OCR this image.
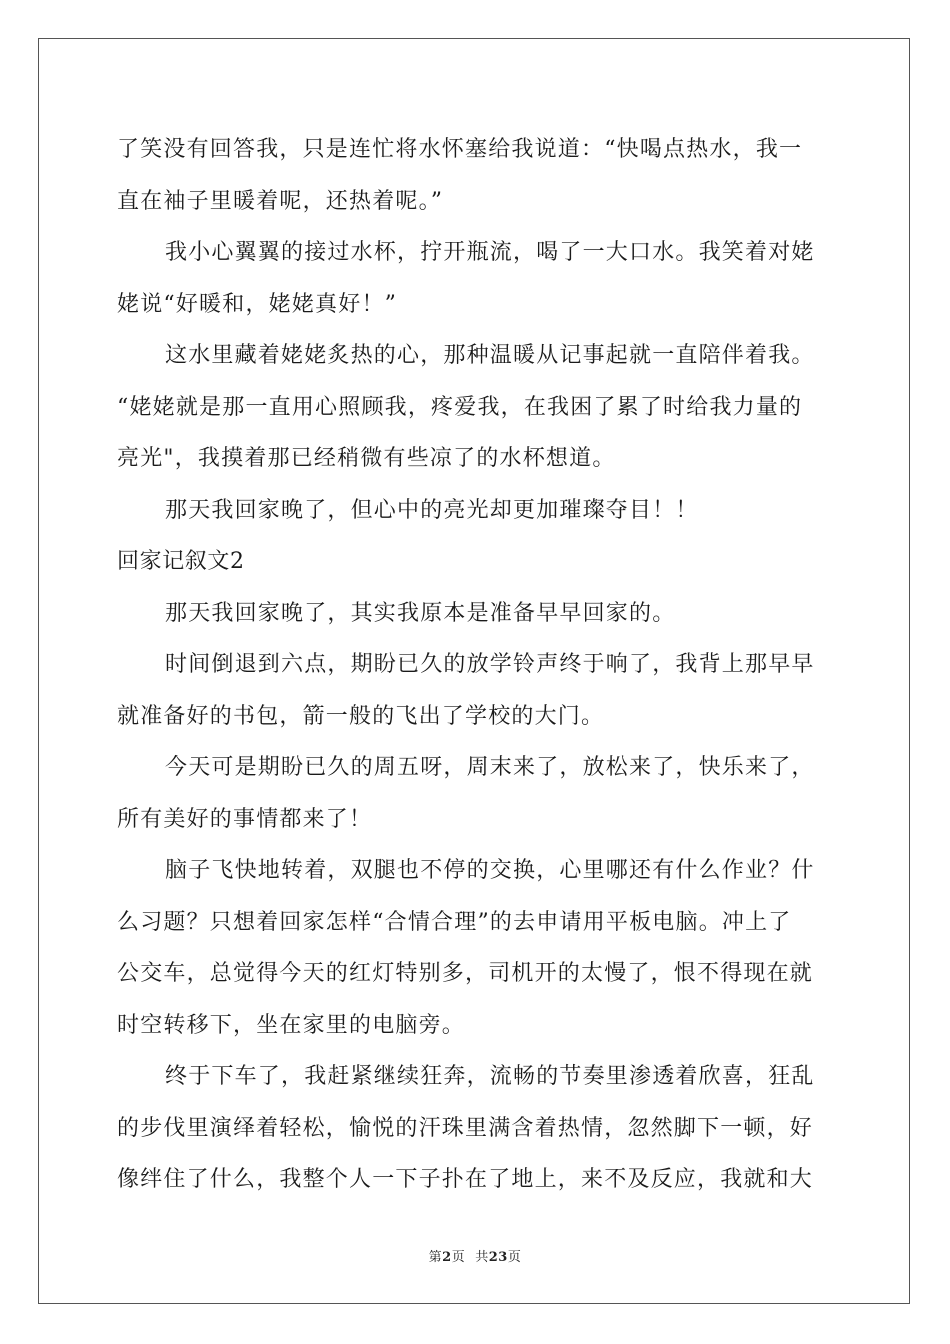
了笑没有回答我，只是连忙将水怀塞给我说道：“快喝点热水，我一
直在袖子里暖着呢，还热着呢。”
我小心翼翼的接过水杯，拧开瓶流，喝了一大口水。我笑着对姥
姥说“好暖和，姥姥真好！”
这水里藏着姥姥炙热的心，那种温暖从记事起就一直陪伴着我。
“姥姥就是那一直用心照顾我，疼爱我，在我困了累了时给我力量的
亮光"，我摸着那已经稍微有些凉了的水杯想道。
那天我回家晚了，但心中的亮光却更加璀璨夺目！！
回家记叙文2
那天我回家晚了，其实我原本是准备早早回家的。
时间倒退到六点，期盼已久的放学铃声终于响了，我背上那早早
就准备好的书包，箭一般的飞出了学校的大门。
今天可是期盼已久的周五呀，周末来了，放松来了，快乐来了，
所有美好的事情都来了！
脑子飞快地转着，双腿也不停的交换，心里哪还有什么作业？什
么习题？只想着回家怎样“合情合理”的去申请用平板电脑。冲上了
公交车，总觉得今天的红灯特别多，司机开的太慢了，恨不得现在就
时空转移下，坐在家里的电脑旁。
终于下车了，我赶紧继续狂奔，流畅的节奏里渗透着欣喜，狂乱
的步伐里演绎着轻松，愉悦的汗珠里满含着热情，忽然脚下一顿，好
像绊住了什么，我整个人一下子扑在了地上，来不及反应，我就和大
第2页 共23页
